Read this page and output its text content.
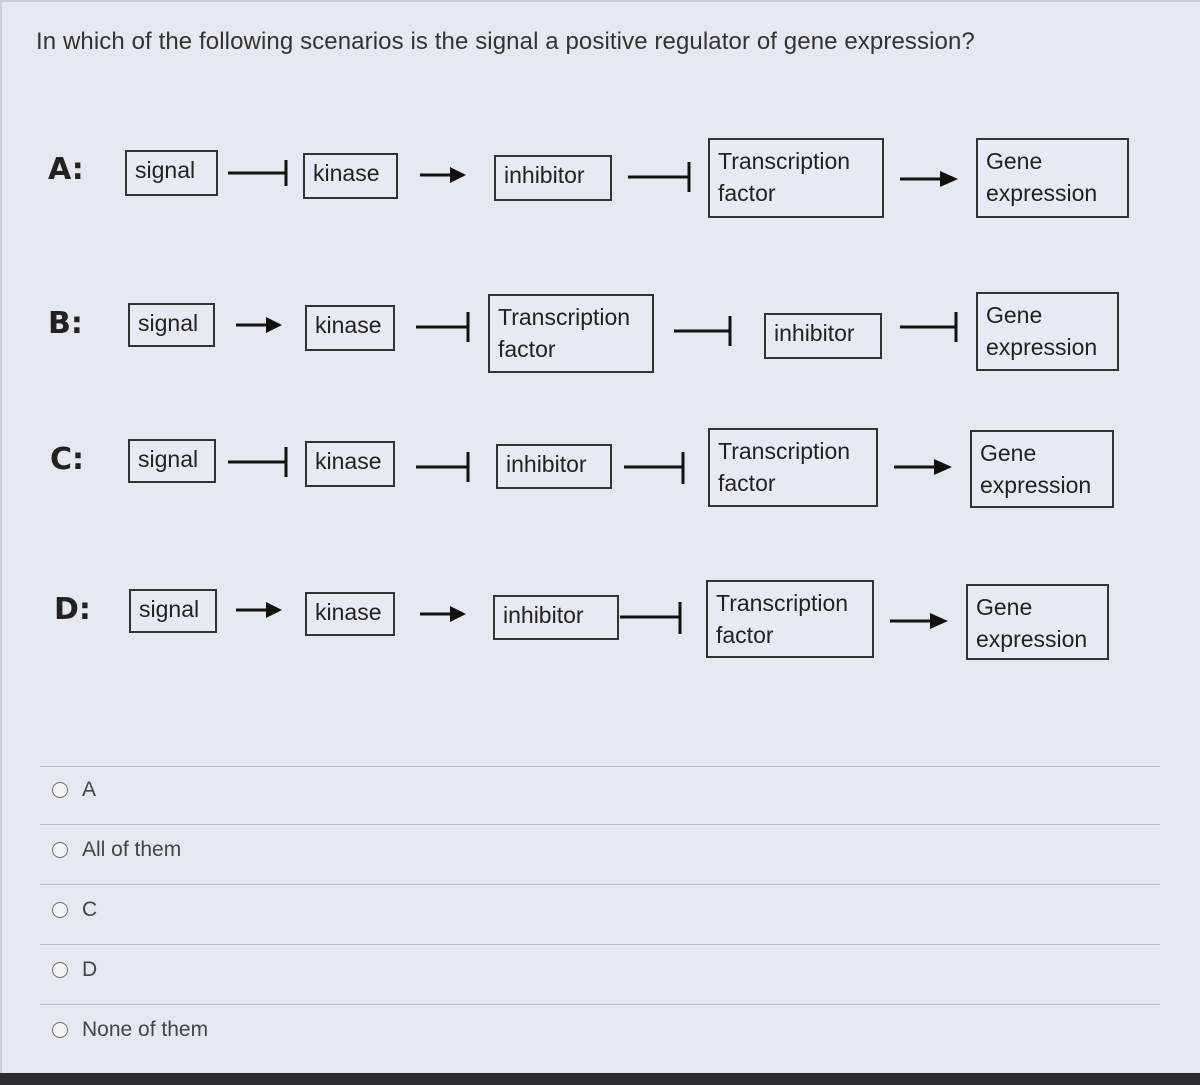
In which of the following scenarios is the signal a positive regulator of gene expression?
A: signal	kinase	inhibitor
Transcription
factor
Gene
expression
B: signal	kinase	Transcription
factor
inhibitor
Gene
expression
C: signal	kinase	inhibitor	Transcription
factor
Gene
expression
D: signal	kinase	inhibitor	Transcription
factor
Gene
expression
A
All of them
C
D
None of them
